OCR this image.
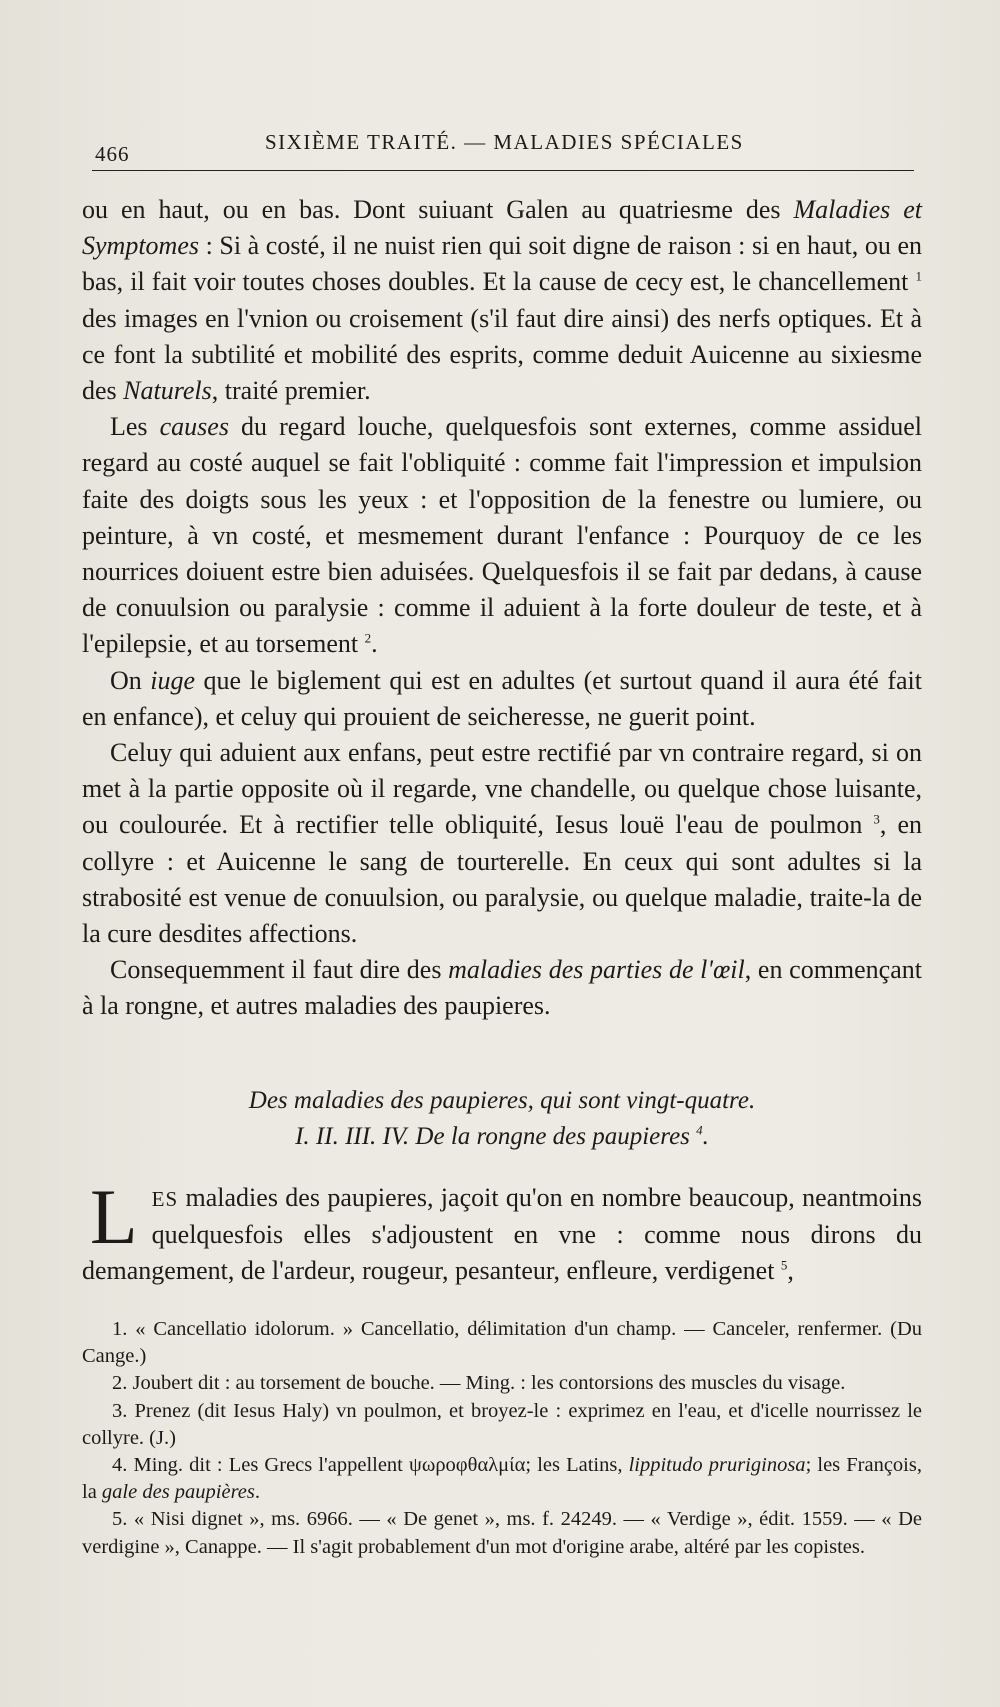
466	SIXIÈME TRAITÉ. — MALADIES SPÉCIALES

ou en haut, ou en bas. Dont suiuant Galen au quatriesme des Maladies et Symptomes : Si à costé, il ne nuist rien qui soit digne de raison : si en haut, ou en bas, il fait voir toutes choses doubles. Et la cause de cecy est, le chancellement $^1$ des images en l'vnion ou croisement (s'il faut dire ainsi) des nerfs optiques. Et à ce font la subtilité et mobilité des esprits, comme deduit Auicenne au sixiesme des Naturels, traité premier.

Les causes du regard louche, quelquesfois sont externes, comme assiduel regard au costé auquel se fait l'obliquité : comme fait l'impression et impulsion faite des doigts sous les yeux : et l'opposition de la fenestre ou lumiere, ou peinture, à vn costé, et mesmement durant l'enfance : Pourquoy de ce les nourrices doiuent estre bien aduisées. Quelquesfois il se fait par dedans, à cause de conuulsion ou paralysie : comme il aduient à la forte douleur de teste, et à l'epilepsie, et au torsement $^2$.

On iuge que le biglement qui est en adultes (et surtout quand il aura été fait en enfance), et celuy qui prouient de seicheresse, ne guerit point.

Celuy qui aduient aux enfans, peut estre rectifié par vn contraire regard, si on met à la partie opposite où il regarde, vne chandelle, ou quelque chose luisante, ou coulourée. Et à rectifier telle obliquité, Iesus louë l'eau de poulmon $^3$, en collyre : et Auicenne le sang de tourterelle. En ceux qui sont adultes si la strabosité est venue de conuulsion, ou paralysie, ou quelque maladie, traite-la de la cure desdites affections.

Consequemment il faut dire des maladies des parties de l'œil, en commençant à la rongne, et autres maladies des paupieres.

Des maladies des paupieres, qui sont vingt-quatre.
I. II. III. IV. De la rongne des paupieres $^4$.
LES maladies des paupieres, jaçoit qu'on en nombre beaucoup, neantmoins quelquesfois elles s'adjoustent en vne : comme nous dirons du demangement, de l'ardeur, rougeur, pesanteur, enfleure, verdigenet $^5$,

1. « Cancellatio idolorum. » Cancellatio, délimitation d'un champ. — Canceler, renfermer. (Du Cange.)

2. Joubert dit : au torsement de bouche. — Ming. : les contorsions des muscles du visage.

3. Prenez (dit Iesus Haly) vn poulmon, et broyez-le : exprimez en l'eau, et d'icelle nourrissez le collyre. (J.)

4. Ming. dit : Les Grecs l'appellent ψωροφθαλμία; les Latins, lippitudo pruriginosa; les François, la gale des paupières.

5. « Nisi dignet », ms. 6966. — « De genet », ms. f. 24249. — « Verdige », édit. 1559. — « De verdigine », Canappe. — Il s'agit probablement d'un mot d'origine arabe, altéré par les copistes.
